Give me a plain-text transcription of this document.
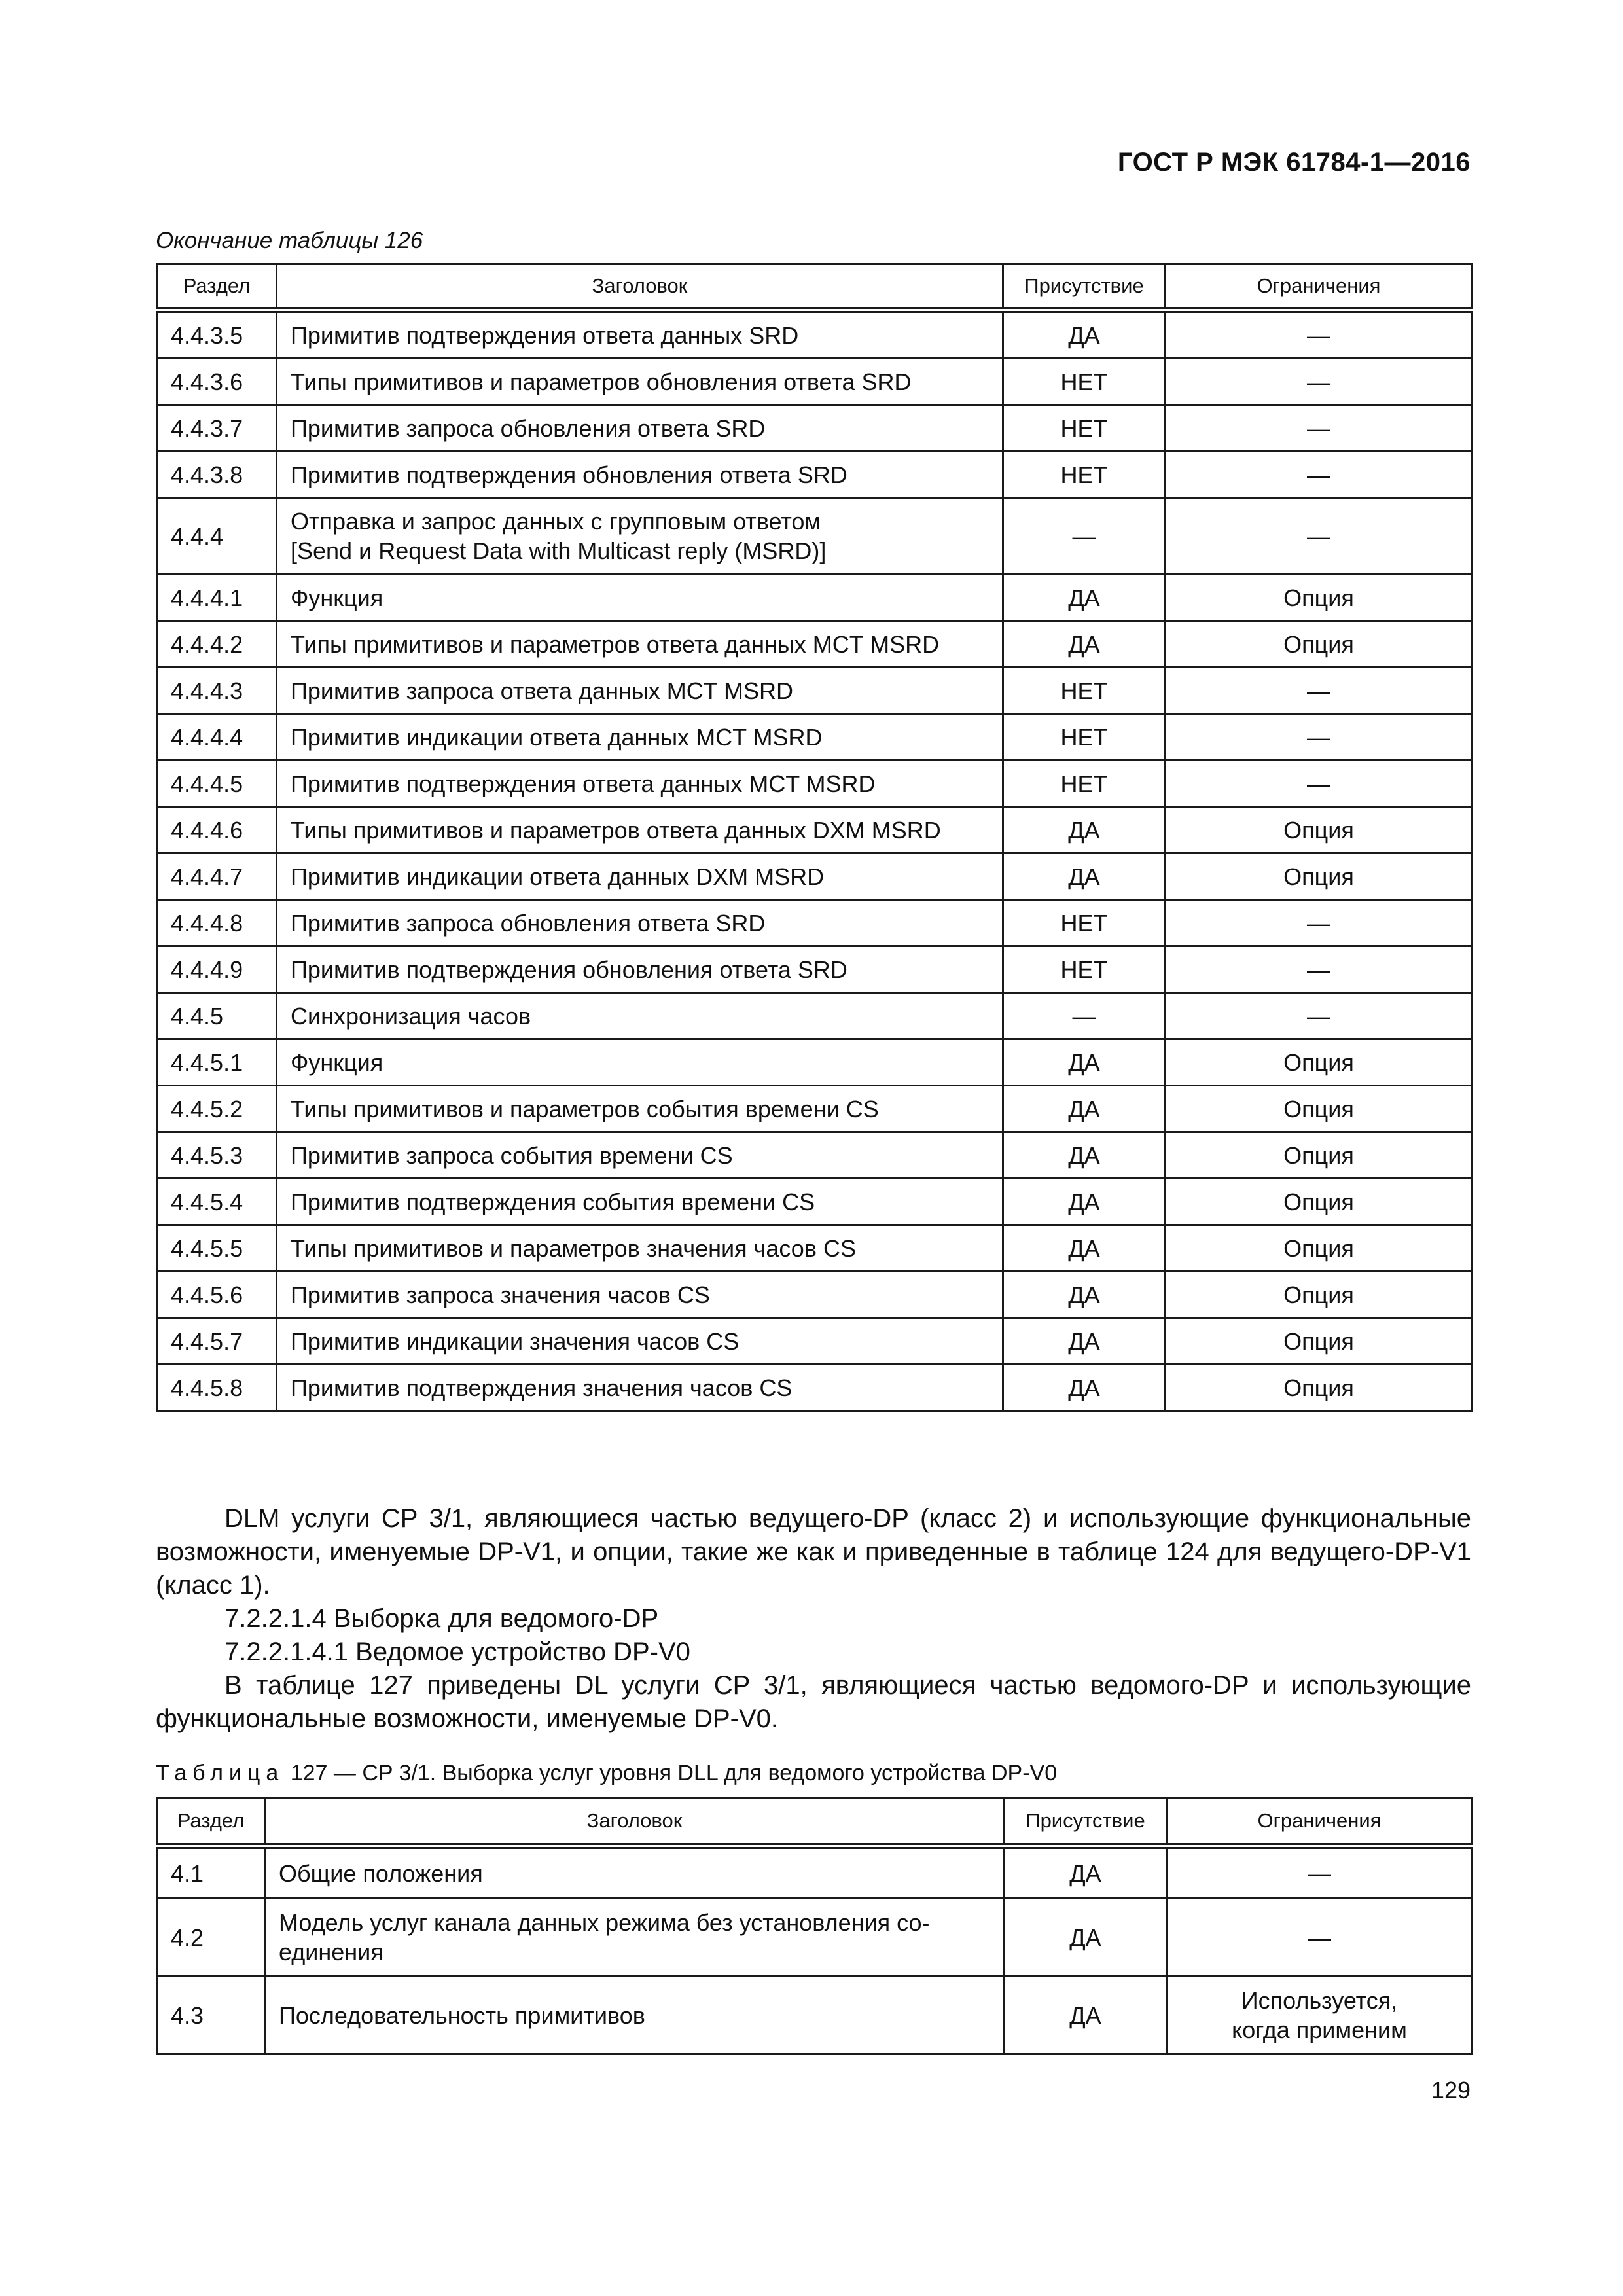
ГОСТ Р МЭК 61784-1—2016
Окончание таблицы 126
Раздел	Заголовок	Присутствие	Ограничения
4.4.3.5	Примитив подтверждения ответа данных SRD	ДА	—

4.4.3.6	Типы примитивов и параметров обновления ответа SRD	НЕТ	—

4.4.3.7	Примитив запроса обновления ответа SRD	НЕТ	—

4.4.3.8	Примитив подтверждения обновления ответа SRD	НЕТ	—

4.4.4	Отправка и запрос данных с групповым ответом
[Send и Request Data with Multicast reply (MSRD)]	—	—

4.4.4.1	Функция	ДА	Опция

4.4.4.2	Типы примитивов и параметров ответа данных MCT MSRD	ДА	Опция

4.4.4.3	Примитив запроса ответа данных MCT MSRD	НЕТ	—

4.4.4.4	Примитив индикации ответа данных MCT MSRD	НЕТ	—

4.4.4.5	Примитив подтверждения ответа данных MCT MSRD	НЕТ	—

4.4.4.6	Типы примитивов и параметров ответа данных DXM MSRD	ДА	Опция

4.4.4.7	Примитив индикации ответа данных DXM MSRD	ДА	Опция

4.4.4.8	Примитив запроса обновления ответа SRD	НЕТ	—

4.4.4.9	Примитив подтверждения обновления ответа SRD	НЕТ	—

4.4.5	Синхронизация часов	—	—

4.4.5.1	Функция	ДА	Опция

4.4.5.2	Типы примитивов и параметров события времени CS	ДА	Опция

4.4.5.3	Примитив запроса события времени CS	ДА	Опция

4.4.5.4	Примитив подтверждения события времени CS	ДА	Опция

4.4.5.5	Типы примитивов и параметров значения часов CS	ДА	Опция

4.4.5.6	Примитив запроса значения часов CS	ДА	Опция

4.4.5.7	Примитив индикации значения часов CS	ДА	Опция

4.4.5.8	Примитив подтверждения значения часов CS	ДА	Опция

DLM услуги CP 3/1, являющиеся частью ведущего-DP (класс 2) и использующие функциональные возможности, именуемые DP-V1, и опции, такие же как и приведенные в таблице 124 для ведущего-DP-V1 (класс 1).

7.2.2.1.4 Выборка для ведомого-DP

7.2.2.1.4.1 Ведомое устройство DP-V0

В таблице 127 приведены DL услуги CP 3/1, являющиеся частью ведомого-DP и использующие функциональные возможности, именуемые DP-V0.

Таблица 127 — CP 3/1. Выборка услуг уровня DLL для ведомого устройства DP-V0
Раздел	Заголовок	Присутствие	Ограничения
4.1	Общие положения	ДА	—

4.2	Модель услуг канала данных режима без установления со-
единения	ДА	—

4.3	Последовательность примитивов	ДА	Используется,
когда применим
129
